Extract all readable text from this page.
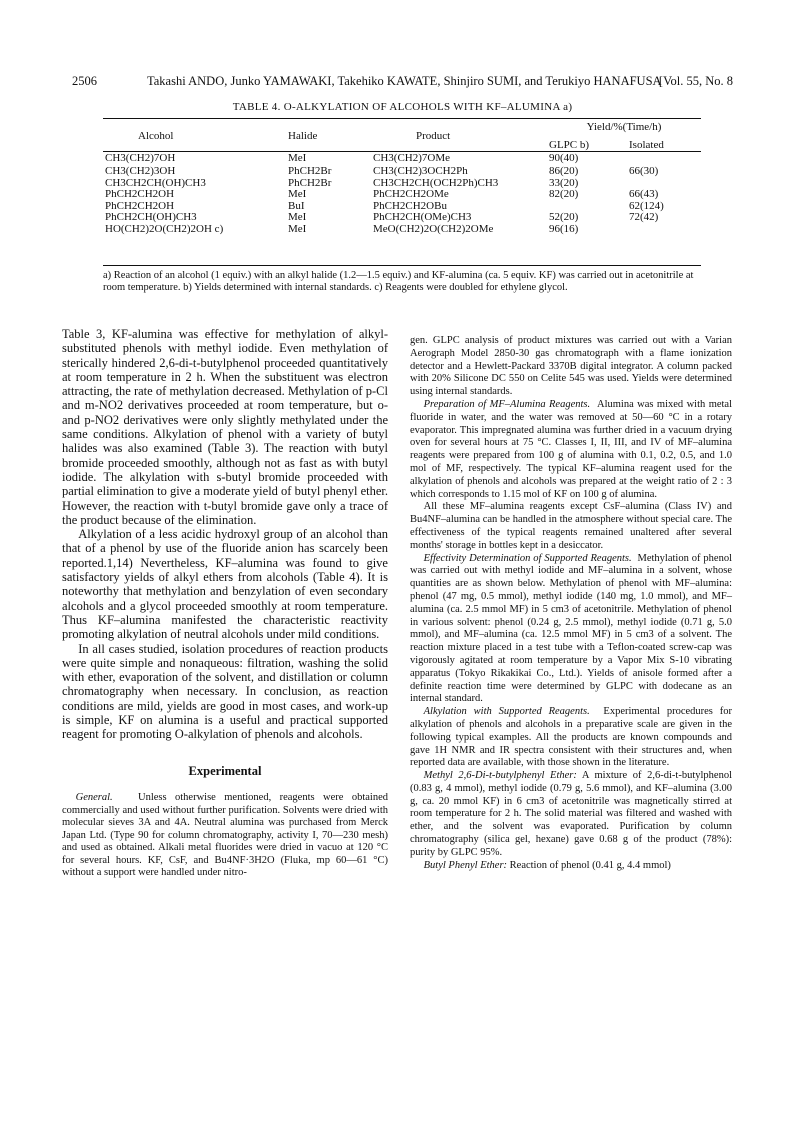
2506	Takashi ANDO, Junko YAMAWAKI, Takehiko KAWATE, Shinjiro SUMI, and Terukiyo HANAFUSA
[Vol. 55, No. 8
TABLE 4. O-ALKYLATION OF ALCOHOLS WITH KF–ALUMINA a)
Alcohol	Halide	Product	Yield/%(Time/h)	
			GLPC b)	Isolated
CH3(CH2)7OH	MeI	CH3(CH2)7OMe	90(40)	
CH3(CH2)3OH	PhCH2Br	CH3(CH2)3OCH2Ph	86(20)	66(30)
CH3CH2CH(OH)CH3	PhCH2Br	CH3CH2CH(OCH2Ph)CH3	33(20)	
PhCH2CH2OH	MeI	PhCH2CH2OMe	82(20)	66(43)
PhCH2CH2OH	BuI	PhCH2CH2OBu		62(124)
PhCH2CH(OH)CH3	MeI	PhCH2CH(OMe)CH3	52(20)	72(42)
HO(CH2)2O(CH2)2OH c)	MeI	MeO(CH2)2O(CH2)2OMe	96(16)	
a) Reaction of an alcohol (1 equiv.) with an alkyl halide (1.2—1.5 equiv.) and KF-alumina (ca. 5 equiv. KF) was carried out in acetonitrile at room temperature. b) Yields determined with internal standards. c) Reagents were doubled for ethylene glycol.

Table 3, KF-alumina was effective for methylation of alkyl-substituted phenols with methyl iodide. Even methylation of sterically hindered 2,6-di-t-butylphenol proceeded quantitatively at room temperature in 2 h. When the substituent was electron attracting, the rate of methylation decreased. Methylation of p-Cl and m-NO2 derivatives proceeded at room temperature, but o- and p-NO2 derivatives were only slightly methylated under the same conditions. Alkylation of phenol with a variety of butyl halides was also examined (Table 3). The reaction with butyl bromide proceeded smoothly, although not as fast as with butyl iodide. The alkylation with s-butyl bromide proceeded with partial elimination to give a moderate yield of butyl phenyl ether. However, the reaction with t-butyl bromide gave only a trace of the product because of the elimination.

Alkylation of a less acidic hydroxyl group of an alcohol than that of a phenol by use of the fluoride anion has scarcely been reported.1,14) Nevertheless, KF–alumina was found to give satisfactory yields of alkyl ethers from alcohols (Table 4). It is noteworthy that methylation and benzylation of even secondary alcohols and a glycol proceeded smoothly at room temperature. Thus KF–alumina manifested the characteristic reactivity promoting alkylation of neutral alcohols under mild conditions.

In all cases studied, isolation procedures of reaction products were quite simple and nonaqueous: filtration, washing the solid with ether, evaporation of the solvent, and distillation or column chromatography when necessary. In conclusion, as reaction conditions are mild, yields are good in most cases, and work-up is simple, KF on alumina is a useful and practical supported reagent for promoting O-alkylation of phenols and alcohols.

Experimental

General. Unless otherwise mentioned, reagents were obtained commercially and used without further purification. Solvents were dried with molecular sieves 3A and 4A. Neutral alumina was purchased from Merck Japan Ltd. (Type 90 for column chromatography, activity I, 70—230 mesh) and used as obtained. Alkali metal fluorides were dried in vacuo at 120 °C for several hours. KF, CsF, and Bu4NF·3H2O (Fluka, mp 60—61 °C) without a support were handled under nitro-

gen. GLPC analysis of product mixtures was carried out with a Varian Aerograph Model 2850-30 gas chromatograph with a flame ionization detector and a Hewlett-Packard 3370B digital integrator. A column packed with 20% Silicone DC 550 on Celite 545 was used. Yields were determined using internal standards.

Preparation of MF–Alumina Reagents. Alumina was mixed with metal fluoride in water, and the water was removed at 50—60 °C in a rotary evaporator. This impregnated alumina was further dried in a vacuum drying oven for several hours at 75 °C. Classes I, II, III, and IV of MF–alumina reagents were prepared from 100 g of alumina with 0.1, 0.2, 0.5, and 1.0 mol of MF, respectively. The typical KF–alumina reagent used for the alkylation of phenols and alcohols was prepared at the weight ratio of 2 : 3 which corresponds to 1.15 mol of KF on 100 g of alumina.

All these MF–alumina reagents except CsF–alumina (Class IV) and Bu4NF–alumina can be handled in the atmosphere without special care. The effectiveness of the typical reagents remained unaltered after several months' storage in bottles kept in a desiccator.

Effectivity Determination of Supported Reagents. Methylation of phenol was carried out with methyl iodide and MF–alumina in a solvent, whose quantities are as shown below. Methylation of phenol with MF–alumina: phenol (47 mg, 0.5 mmol), methyl iodide (140 mg, 1.0 mmol), and MF–alumina (ca. 2.5 mmol MF) in 5 cm3 of acetonitrile. Methylation of phenol in various solvent: phenol (0.24 g, 2.5 mmol), methyl iodide (0.71 g, 5.0 mmol), and MF–alumina (ca. 12.5 mmol MF) in 5 cm3 of a solvent. The reaction mixture placed in a test tube with a Teflon-coated screw-cap was vigorously agitated at room temperature by a Vapor Mix S-10 vibrating apparatus (Tokyo Rikakikai Co., Ltd.). Yields of anisole formed after a definite reaction time were determined by GLPC with dodecane as an internal standard.

Alkylation with Supported Reagents. Experimental procedures for alkylation of phenols and alcohols in a preparative scale are given in the following typical examples. All the products are known compounds and gave 1H NMR and IR spectra consistent with their structures and, when reported data are available, with those shown in the literature.

Methyl 2,6-Di-t-butylphenyl Ether: A mixture of 2,6-di-t-butylphenol (0.83 g, 4 mmol), methyl iodide (0.79 g, 5.6 mmol), and KF–alumina (3.00 g, ca. 20 mmol KF) in 6 cm3 of acetonitrile was magnetically stirred at room temperature for 2 h. The solid material was filtered and washed with ether, and the solvent was evaporated. Purification by column chromatography (silica gel, hexane) gave 0.68 g of the product (78%): purity by GLPC 95%.

Butyl Phenyl Ether: Reaction of phenol (0.41 g, 4.4 mmol)
